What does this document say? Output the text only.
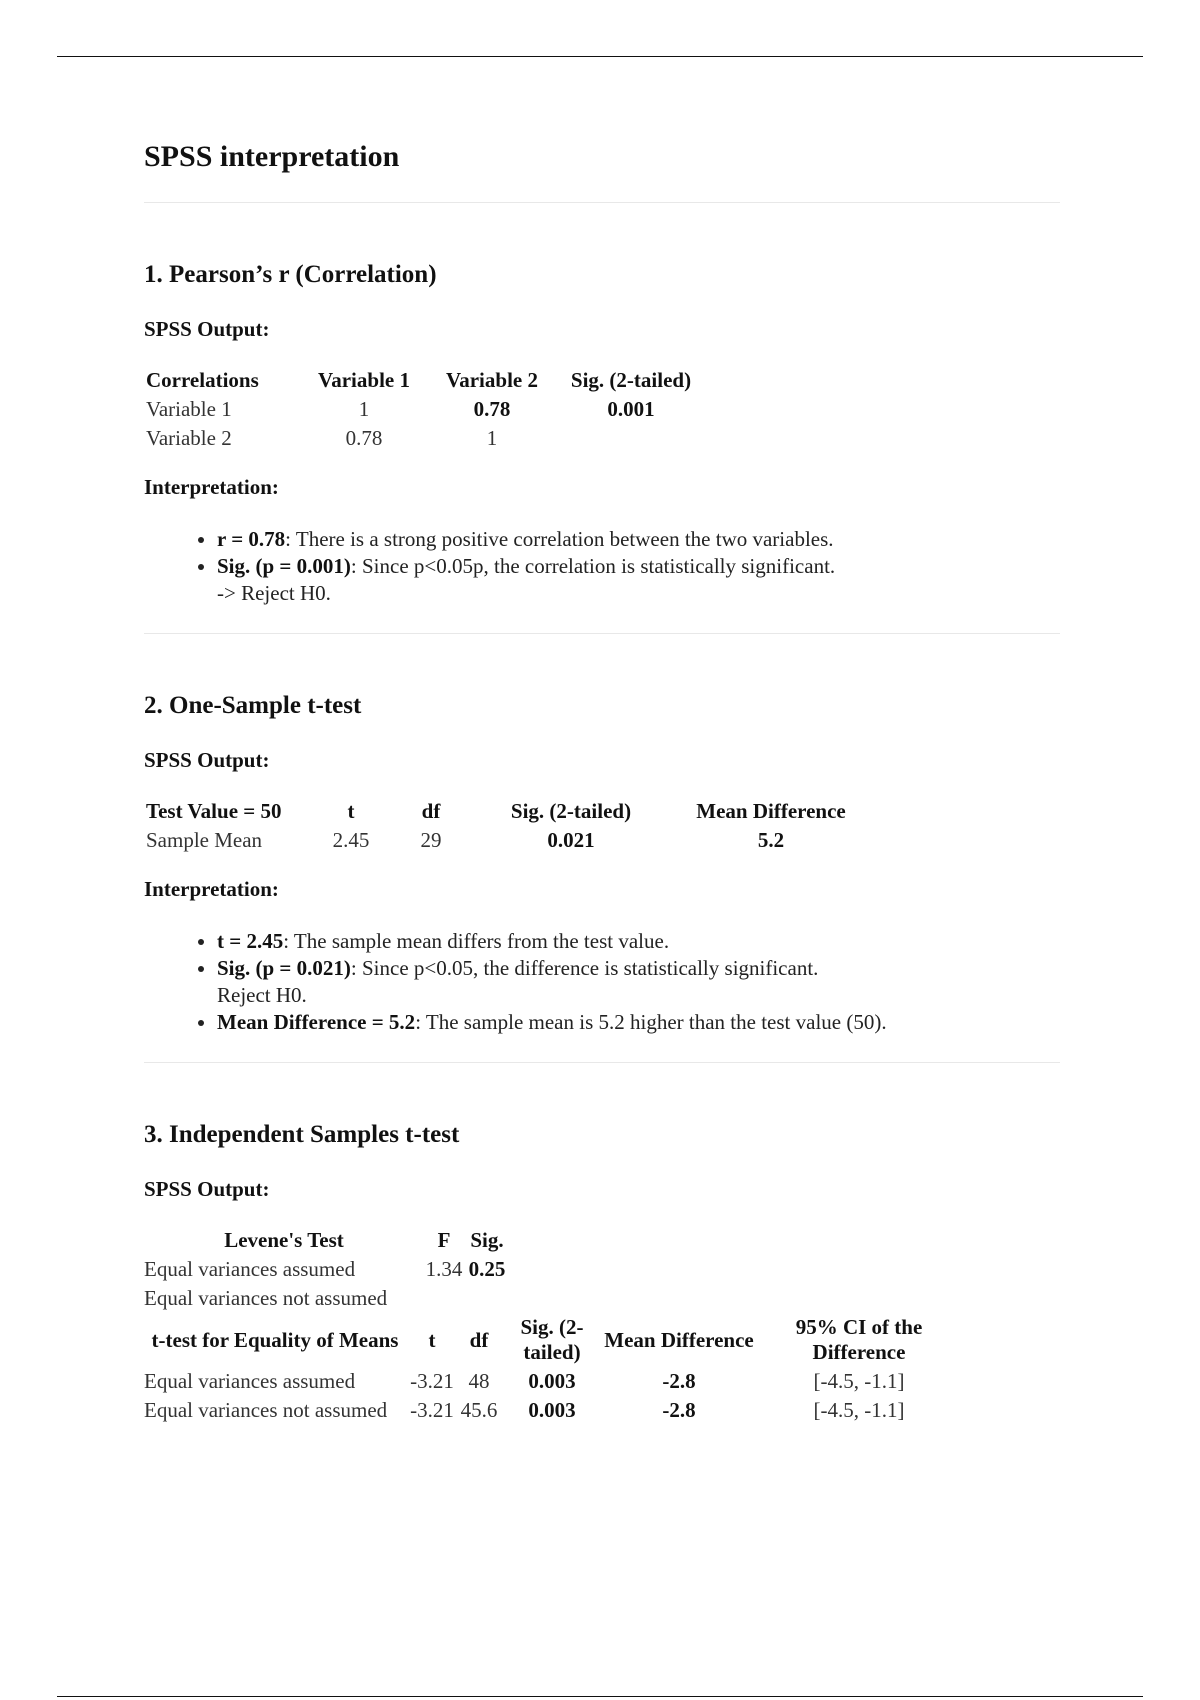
SPSS interpretation
1. Pearson’s r (Correlation)
SPSS Output:
Correlations	Variable 1	Variable 2	Sig. (2-tailed)
Variable 1	1	0.78	0.001
Variable 2	0.78	1	
Interpretation:
• r = 0.78: There is a strong positive correlation between the two variables.
• Sig. (p = 0.001): Since p<0.05p, the correlation is statistically significant.
-> Reject H0.
2. One-Sample t-test
SPSS Output:
Test Value = 50	t	df	Sig. (2-tailed)	Mean Difference
Sample Mean	2.45	29	0.021	5.2
Interpretation:
• t = 2.45: The sample mean differs from the test value.
• Sig. (p = 0.021): Since p<0.05, the difference is statistically significant.
Reject H0.
• Mean Difference = 5.2: The sample mean is 5.2 higher than the test value (50).
3. Independent Samples t-test
SPSS Output:
Levene's Test	F	Sig.
Equal variances assumed	1.34	0.25
Equal variances not assumed		
t-test for Equality of Means	t	df	Sig. (2-tailed)	Mean Difference	95% CI of the Difference
Equal variances assumed	-3.21	48	0.003	-2.8	[-4.5, -1.1]
Equal variances not assumed	-3.21	45.6	0.003	-2.8	[-4.5, -1.1]
